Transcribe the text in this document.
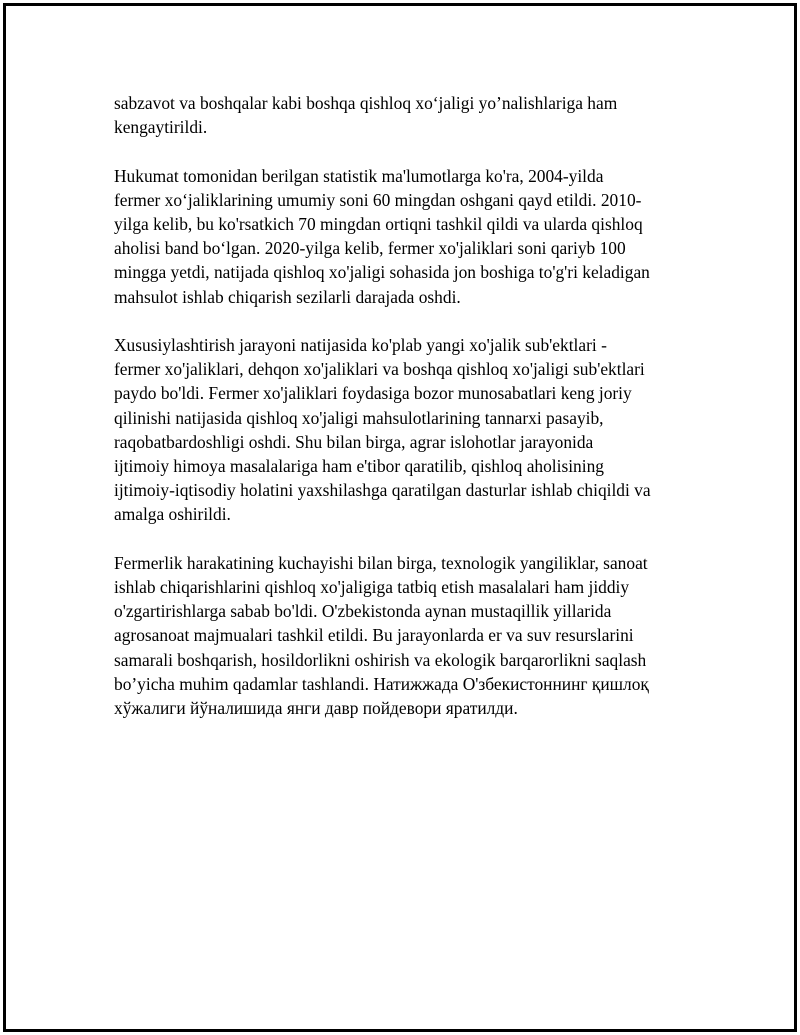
sabzavot va boshqalar kabi boshqa qishloq xo‘jaligi yo’nalishlariga ham
kengaytirildi.

Hukumat tomonidan berilgan statistik ma'lumotlarga ko'ra, 2004-yilda
fermer xo‘jaliklarining umumiy soni 60 mingdan oshgani qayd etildi. 2010-
yilga kelib, bu ko'rsatkich 70 mingdan ortiqni tashkil qildi va ularda qishloq
aholisi band bo‘lgan. 2020-yilga kelib, fermer xo'jaliklari soni qariyb 100
mingga yetdi, natijada qishloq xo'jaligi sohasida jon boshiga to'g'ri keladigan
mahsulot ishlab chiqarish sezilarli darajada oshdi.

Xususiylashtirish jarayoni natijasida ko'plab yangi xo'jalik sub'ektlari -
fermer xo'jaliklari, dehqon xo'jaliklari va boshqa qishloq xo'jaligi sub'ektlari
paydo bo'ldi. Fermer xo'jaliklari foydasiga bozor munosabatlari keng joriy
qilinishi natijasida qishloq xo'jaligi mahsulotlarining tannarxi pasayib,
raqobatbardoshligi oshdi. Shu bilan birga, agrar islohotlar jarayonida
ijtimoiy himoya masalalariga ham e'tibor qaratilib, qishloq aholisining
ijtimoiy-iqtisodiy holatini yaxshilashga qaratilgan dasturlar ishlab chiqildi va
amalga oshirildi.

Fermerlik harakatining kuchayishi bilan birga, texnologik yangiliklar, sanoat
ishlab chiqarishlarini qishloq xo'jaligiga tatbiq etish masalalari ham jiddiy
o'zgartirishlarga sabab bo'ldi. O'zbekistonda aynan mustaqillik yillarida
agrosanoat majmualari tashkil etildi. Bu jarayonlarda er va suv resurslarini
samarali boshqarish, hosildorlikni oshirish va ekologik barqarorlikni saqlash
bo’yicha muhim qadamlar tashlandi. Натижжада O'збекистоннинг қишлоқ
хўжалиги йўналишида янги давр пойдевори яратилди.
